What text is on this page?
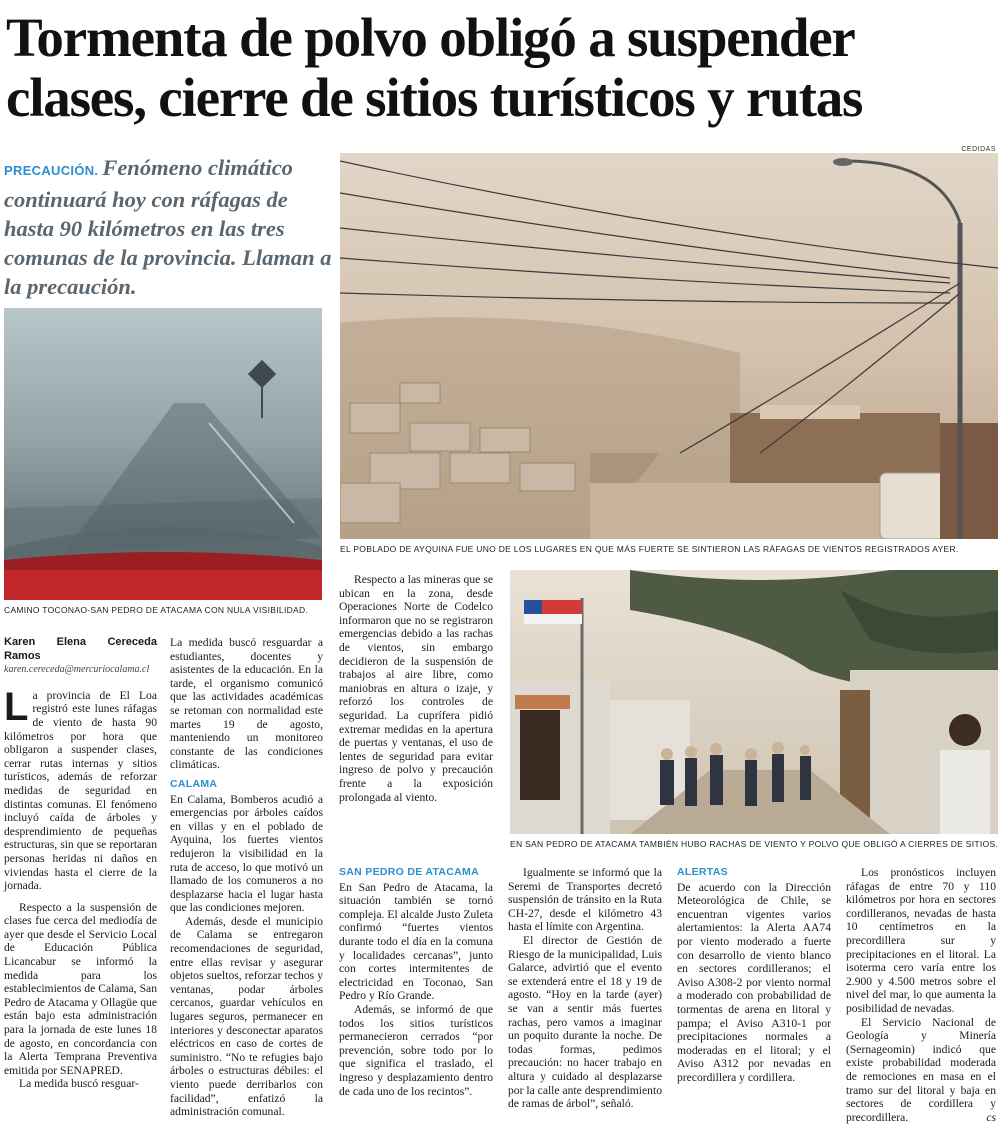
Tormenta de polvo obligó a suspender
clases, cierre de sitios turísticos y rutas
CEDIDAS
PRECAUCIÓN. Fenómeno climático continuará hoy con ráfagas de hasta 90 kilómetros en las tres comunas de la provincia. Llaman a la precaución.
CAMINO TOCONAO-SAN PEDRO DE ATACAMA CON NULA VISIBILIDAD.
EL POBLADO DE AYQUINA FUE UNO DE LOS LUGARES EN QUE MÁS FUERTE SE SINTIERON LAS RÁFAGAS DE VIENTOS REGISTRADOS AYER.
EN SAN PEDRO DE ATACAMA TAMBIÉN HUBO RACHAS DE VIENTO Y POLVO QUE OBLIGÓ A CIERRES DE SITIOS.
Karen Elena Cereceda Ramos
karen.cereceda@mercuriocalama.cl

La provincia de El Loa registró este lunes ráfagas de viento de hasta 90 kilómetros por hora que obligaron a suspender clases, cerrar rutas internas y sitios turísticos, además de reforzar medidas de seguridad en distintas comunas. El fenómeno incluyó caída de árboles y desprendimiento de pequeñas estructuras, sin que se reportaran personas heridas ni daños en viviendas hasta el cierre de la jornada.

Respecto a la suspensión de clases fue cerca del mediodía de ayer que desde el Servicio Local de Educación Pública Licancabur se informó la medida para los establecimientos de Calama, San Pedro de Atacama y Ollagüe que están bajo esta administración para la jornada de este lunes 18 de agosto, en concordancia con la Alerta Temprana Preventiva emitida por SENAPRED.

La medida buscó resguar-

La medida buscó resguardar a estudiantes, docentes y asistentes de la educación. En la tarde, el organismo comunicó que las actividades académicas se retoman con normalidad este martes 19 de agosto, manteniendo un monitoreo constante de las condiciones climáticas.

CALAMA

En Calama, Bomberos acudió a emergencias por árboles caídos en villas y en el poblado de Ayquina, los fuertes vientos redujeron la visibilidad en la ruta de acceso, lo que motivó un llamado de los comuneros a no desplazarse hacia el lugar hasta que las condiciones mejoren.

Además, desde el municipio de Calama se entregaron recomendaciones de seguridad, entre ellas revisar y asegurar objetos sueltos, reforzar techos y ventanas, podar árboles cercanos, guardar vehículos en lugares seguros, permanecer en interiores y desconectar aparatos eléctricos en caso de cortes de suministro. “No te refugies bajo árboles o estructuras débiles: el viento puede derribarlos con facilidad”, enfatizó la administración comunal.

Respecto a las mineras que se ubican en la zona, desde Operaciones Norte de Codelco informaron que no se registraron emergencias debido a las rachas de vientos, sin embargo decidieron de la suspensión de trabajos al aire libre, como maniobras en altura o izaje, y reforzó los controles de seguridad. La cuprífera pidió extremar medidas en la apertura de puertas y ventanas, el uso de lentes de seguridad para evitar ingreso de polvo y precaución frente a la exposición prolongada al viento.

SAN PEDRO DE ATACAMA

En San Pedro de Atacama, la situación también se tornó compleja. El alcalde Justo Zuleta confirmó “fuertes vientos durante todo el día en la comuna y localidades cercanas”, junto con cortes intermitentes de electricidad en Toconao, San Pedro y Río Grande.

Además, se informó de que todos los sitios turísticos permanecieron cerrados “por prevención, sobre todo por lo que significa el traslado, el ingreso y desplazamiento dentro de cada uno de los recintos”.

Igualmente se informó que la Seremi de Transportes decretó suspensión de tránsito en la Ruta CH-27, desde el kilómetro 43 hasta el límite con Argentina.

El director de Gestión de Riesgo de la municipalidad, Luis Galarce, advirtió que el evento se extenderá entre el 18 y 19 de agosto. “Hoy en la tarde (ayer) se van a sentir más fuertes rachas, pero vamos a imaginar un poquito durante la noche. De todas formas, pedimos precaución: no hacer trabajo en altura y cuidado al desplazarse por la calle ante desprendimiento de ramas de árbol”, señaló.

ALERTAS

De acuerdo con la Dirección Meteorológica de Chile, se encuentran vigentes varios alertamientos: la Alerta AA74 por viento moderado a fuerte con desarrollo de viento blanco en sectores cordilleranos; el Aviso A308-2 por viento normal a moderado con probabilidad de tormentas de arena en litoral y pampa; el Aviso A310-1 por precipitaciones normales a moderadas en el litoral; y el Aviso A312 por nevadas en precordillera y cordillera.

Los pronósticos incluyen ráfagas de entre 70 y 110 kilómetros por hora en sectores cordilleranos, nevadas de hasta 10 centímetros en la precordillera sur y precipitaciones en el litoral. La isoterma cero varía entre los 2.900 y 4.500 metros sobre el nivel del mar, lo que aumenta la posibilidad de nevadas.

El Servicio Nacional de Geología y Minería (Sernageomin) indicó que existe probabilidad moderada de remociones en masa en el tramo sur del litoral y baja en sectores de cordillera y precordillera.	cs
